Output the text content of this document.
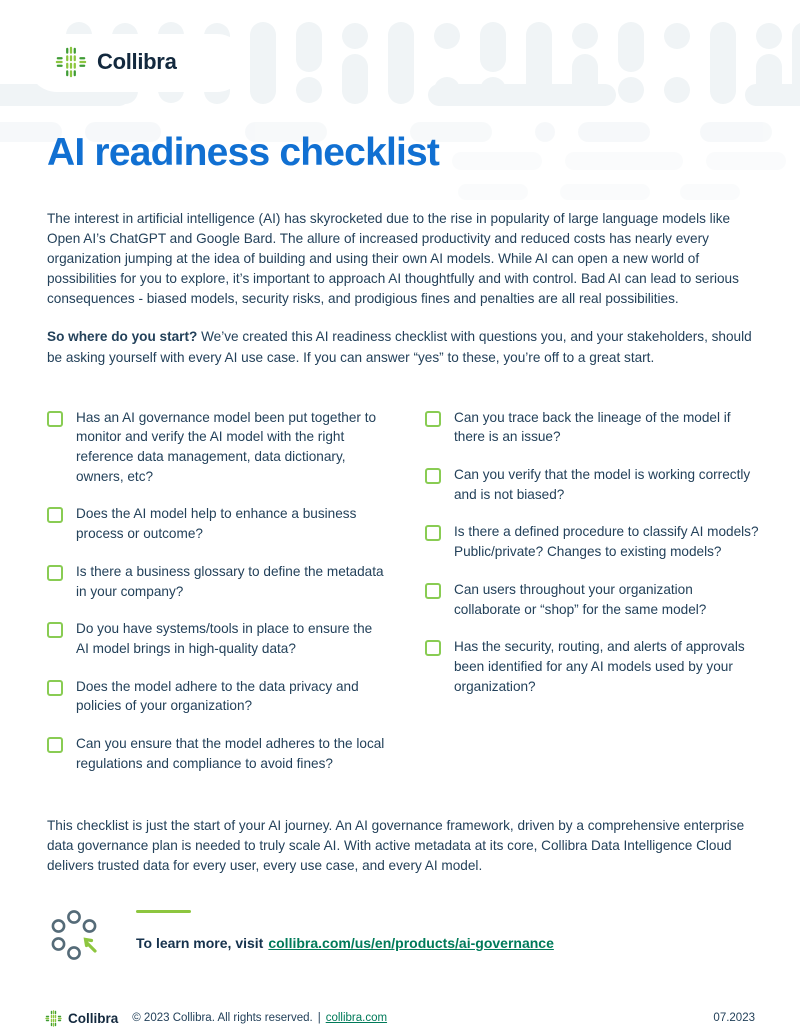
Collibra
AI readiness checklist

The interest in artificial intelligence (AI) has skyrocketed due to the rise in popularity of large language models like Open AI’s ChatGPT and Google Bard. The allure of increased productivity and reduced costs has nearly every organization jumping at the idea of building and using their own AI models. While AI can open a new world of possibilities for you to explore, it’s important to approach AI thoughtfully and with control. Bad AI can lead to serious consequences - biased models, security risks, and prodigious fines and penalties are all real possibilities.

So where do you start? We’ve created this AI readiness checklist with questions you, and your stakeholders, should be asking yourself with every AI use case. If you can answer “yes” to these, you’re off to a great start.

Has an AI governance model been put together to monitor and verify the AI model with the right reference data management, data dictionary, owners, etc?
Does the AI model help to enhance a business process or outcome?
Is there a business glossary to define the metadata in your company?
Do you have systems/tools in place to ensure the AI model brings in high-quality data?
Does the model adhere to the data privacy and policies of your organization?
Can you ensure that the model adheres to the local regulations and compliance to avoid fines?
Can you trace back the lineage of the model if there is an issue?
Can you verify that the model is working correctly and is not biased?
Is there a defined procedure to classify AI models? Public/private? Changes to existing models?
Can users throughout your organization collaborate or “shop” for the same model?
Has the security, routing, and alerts of approvals been identified for any AI models used by your organization?

This checklist is just the start of your AI journey. An AI governance framework, driven by a comprehensive enterprise data governance plan is needed to truly scale AI. With active metadata at its core, Collibra Data Intelligence Cloud delivers trusted data for every user, every use case, and every AI model.

To learn more, visit collibra.com/us/en/products/ai-governance
Collibra © 2023 Collibra. All rights reserved. | collibra.com	07.2023
